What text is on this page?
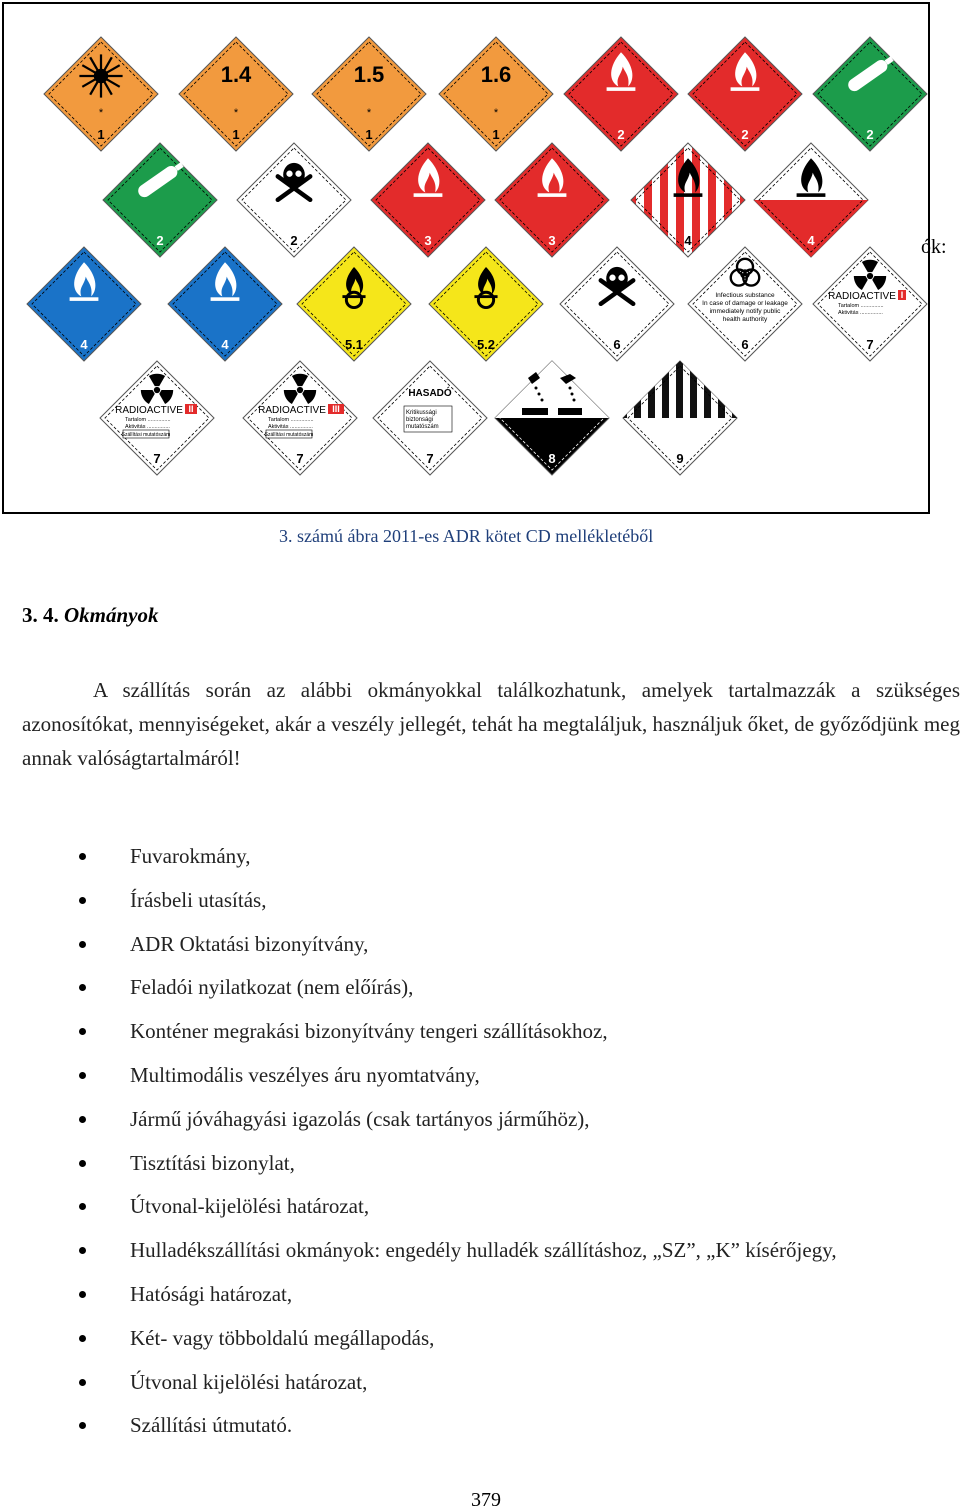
*
1
1.4
*
1
1.5
*
1
1.6
*
1	2	2	2
2	2	3	3	4	4
4	4	5.1	5.2	6
Infectious substance
In case of damage or leakage
immediately notify public
health authority
6
RADIOACTIVE I
Tartalom ...............
Aktivitás ...............
7
RADIOACTIVE II
Tartalom ...............
Aktivitás ...............
Szállítási mutatószám
7
RADIOACTIVE III
Tartalom ...............
Aktivitás ...............
Szállítási mutatószám
7
HASADÓ
Kritikussági
biztonsági
mutatószám
7	8	9
ók:
3. számú ábra 2011-es ADR kötet CD mellékletéből
3. 4. Okmányok
A szállítás során az alábbi okmányokkal találkozhatunk, amelyek tartalmazzák a szükséges azonosítókat, mennyiségeket, akár a veszély jellegét, tehát ha megtaláljuk, használjuk őket, de győződjünk meg annak valóságtartalmáról!
Fuvarokmány,
Írásbeli utasítás,
ADR Oktatási bizonyítvány,
Feladói nyilatkozat (nem előírás),
Konténer megrakási bizonyítvány tengeri szállításokhoz,
Multimodális veszélyes áru nyomtatvány,
Jármű jóváhagyási igazolás (csak tartányos járműhöz),
Tisztítási bizonylat,
Útvonal-kijelölési határozat,
Hulladékszállítási okmányok: engedély hulladék szállításhoz, „SZ”, „K” kísérőjegy,
Hatósági határozat,
Két- vagy többoldalú megállapodás,
Útvonal kijelölési határozat,
Szállítási útmutató.
379
